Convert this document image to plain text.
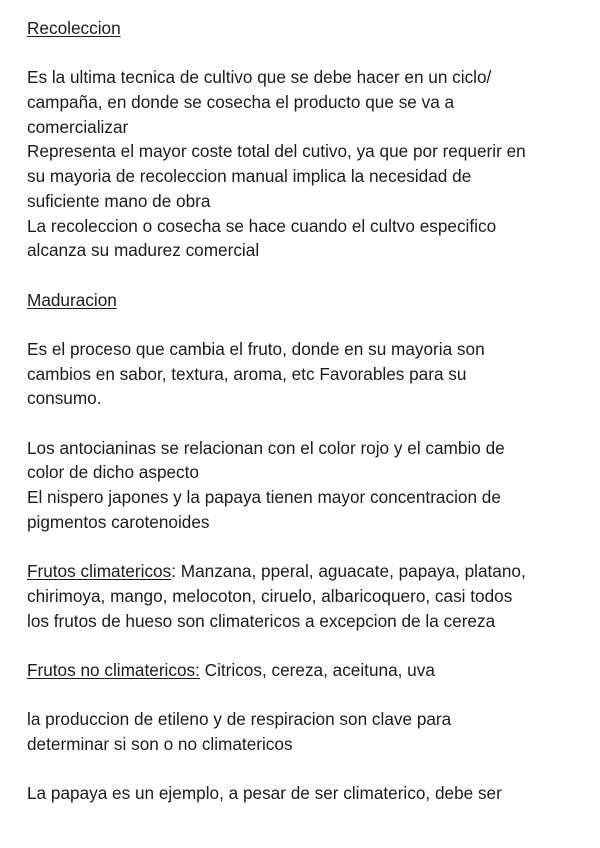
Recoleccion
Es la ultima tecnica de cultivo que se debe hacer en un ciclo/
campaña, en donde se cosecha el producto que se va a
comercializar
Representa el mayor coste total del cutivo, ya que por requerir en
su mayoria de recoleccion manual implica la necesidad de
suficiente mano de obra
La recoleccion o cosecha se hace cuando el cultvo especifico
alcanza su madurez comercial
Maduracion
Es el proceso que cambia el fruto, donde en su mayoria son
cambios en sabor, textura, aroma, etc Favorables para su
consumo.
Los antocianinas se relacionan con el color rojo y el cambio de
color de dicho aspecto
El nispero japones y la papaya tienen mayor concentracion de
pigmentos carotenoides
Frutos climatericos: Manzana, pperal, aguacate, papaya, platano,
chirimoya, mango, melocoton, ciruelo, albaricoquero, casi todos
los frutos de hueso son climatericos a excepcion de la cereza
Frutos no climatericos: Citricos, cereza, aceituna, uva
la produccion de etileno y de respiracion son clave para
determinar si son o no climatericos
La papaya es un ejemplo, a pesar de ser climaterico, debe ser
